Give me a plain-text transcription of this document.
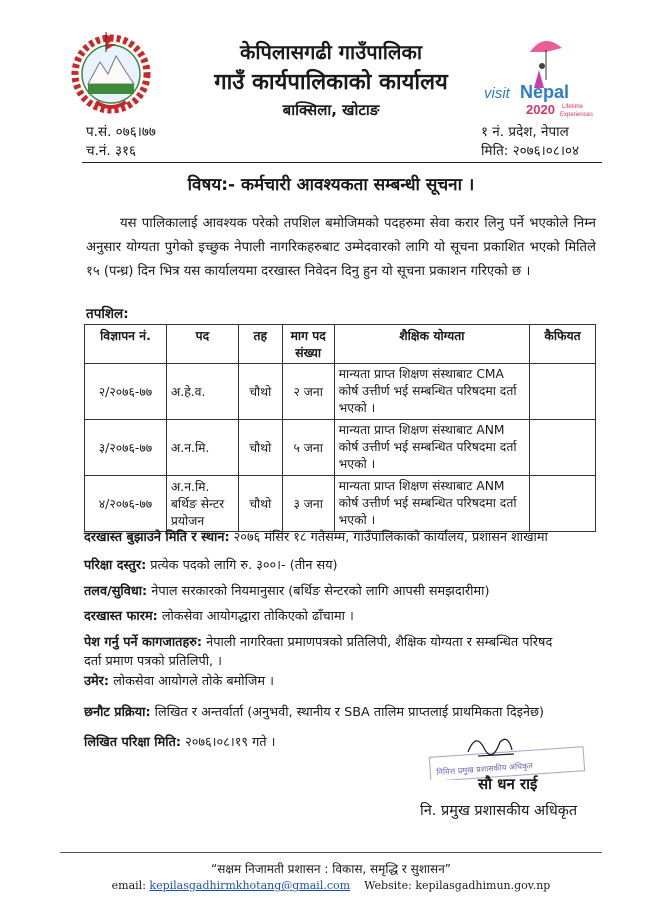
visit Nepal
2020 Lifetime
Experiences
केपिलासगढी गाउँपालिका
गाउँ कार्यपालिकाको कार्यालय
बाक्सिला, खोटाङ
प.सं. ०७६।७७
च.नं. ३१६
१ नं. प्रदेश, नेपाल
मिति: २०७६।०८।०४
विषय:- कर्मचारी आवश्यकता सम्बन्धी सूचना ।
यस पालिकालाई आवश्यक परेको तपशिल बमोजिमको पदहरुमा सेवा करार लिनु पर्ने भएकोले निम्न अनुसार योग्यता पुगेको इच्छुक नेपाली नागरिकहरुबाट उम्मेदवारको लागि यो सूचना प्रकाशित भएको मितिले १५ (पन्ध्र) दिन भित्र यस कार्यालयमा दरखास्त निवेदन दिनु हुन यो सूचना प्रकाशन गरिएको छ ।
तपशिल:
विज्ञापन नं.	पद	तह	माग पद संख्या	शैक्षिक योग्यता	कैफियत
२/२०७६-७७	अ.हे.व.	चौथो	२ जना	मान्यता प्राप्त शिक्षण संस्थाबाट CMA कोर्ष उत्तीर्ण भई सम्बन्धित परिषदमा दर्ता भएको ।	
३/२०७६-७७	अ.न.मि.	चौथो	५ जना	मान्यता प्राप्त शिक्षण संस्थाबाट ANM कोर्ष उत्तीर्ण भई सम्बन्धित परिषदमा दर्ता भएको ।	
४/२०७६-७७	अ.न.मि. बर्थिङ सेन्टर प्रयोजन	चौथो	३ जना	मान्यता प्राप्त शिक्षण संस्थाबाट ANM कोर्ष उत्तीर्ण भई सम्बन्धित परिषदमा दर्ता भएको ।	
दरखास्त बुझाउने मिति र स्थान: २०७६ मंसिर १८ गतेसम्म, गाउँपालिकाको कार्यालय, प्रशासन शाखामा
परिक्षा दस्तुर: प्रत्येक पदको लागि रु. ३००।- (तीन सय)
तलव/सुविधा: नेपाल सरकारको नियमानुसार (बर्थिङ सेन्टरको लागि आपसी समझदारीमा)
दरखास्त फारम: लोकसेवा आयोगद्धारा तोकिएको ढाँचामा ।
पेश गर्नु पर्ने कागजातहरु: नेपाली नागरिक्ता प्रमाणपत्रको प्रतिलिपी, शैक्षिक योग्यता र सम्बन्धित परिषद
दर्ता प्रमाण पत्रको प्रतिलिपी, ।
उमेर: लोकसेवा आयोगले तोके बमोजिम ।
छनौट प्रक्रिया: लिखित र अन्तर्वार्ता (अनुभवी, स्थानीय र SBA तालिम प्राप्तलाई प्राथमिकता दिइनेछ)
लिखित परिक्षा मिति: २०७६।०८।१९ गते ।
निमित्त प्रमुख प्रशासकीय अधिकृत
सौ धन राई
नि. प्रमुख प्रशासकीय अधिकृत
“सक्षम निजामती प्रशासन : विकास, समृद्धि र सुशासन”
email: kepilasgadhirmkhotang@gmail.com Website: kepilasgadhimun.gov.np
